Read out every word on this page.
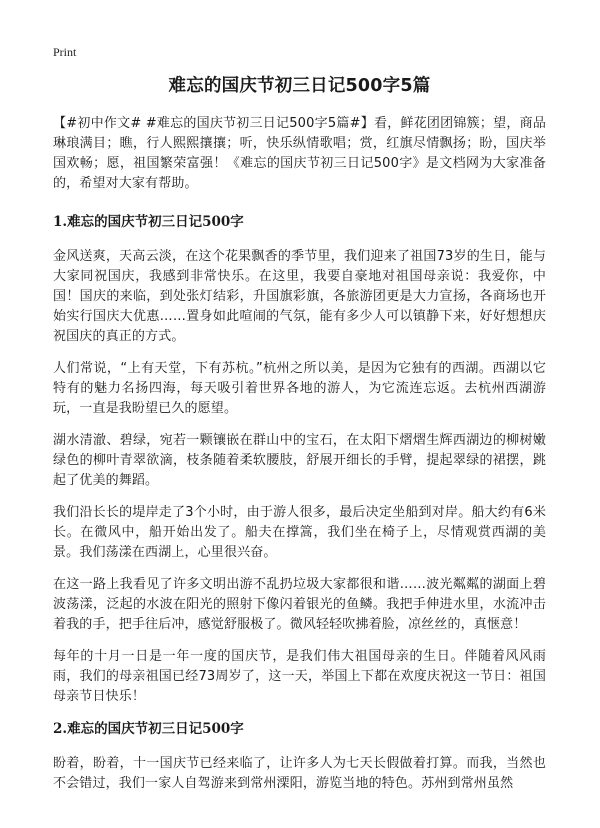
Print
难忘的国庆节初三日记500字5篇

【#初中作文# #难忘的国庆节初三日记500字5篇#】看，鲜花团团锦簇；望，商品琳琅满目；瞧，行人熙熙攘攘；听，快乐纵情歌唱；赏，红旗尽情飘扬；盼，国庆举国欢畅；愿，祖国繁荣富强！《难忘的国庆节初三日记500字》是文档网为大家准备的，希望对大家有帮助。

1.难忘的国庆节初三日记500字

金风送爽，天高云淡，在这个花果飘香的季节里，我们迎来了祖国73岁的生日，能与大家同祝国庆，我感到非常快乐。在这里，我要自豪地对祖国母亲说：我爱你，中国！国庆的来临，到处张灯结彩，升国旗彩旗，各旅游团更是大力宣扬，各商场也开始实行国庆大优惠……置身如此喧闹的气氛，能有多少人可以镇静下来，好好想想庆祝国庆的真正的方式。

人们常说，“上有天堂，下有苏杭。”杭州之所以美，是因为它独有的西湖。西湖以它特有的魅力名扬四海，每天吸引着世界各地的游人，为它流连忘返。去杭州西湖游玩，一直是我盼望已久的愿望。

湖水清澈、碧绿，宛若一颗镶嵌在群山中的宝石，在太阳下熠熠生辉西湖边的柳树嫩绿色的柳叶青翠欲滴，枝条随着柔软腰肢，舒展开细长的手臂，提起翠绿的裙摆，跳起了优美的舞蹈。

我们沿长长的堤岸走了3个小时，由于游人很多，最后决定坐船到对岸。船大约有6米长。在微风中，船开始出发了。船夫在撑篙，我们坐在椅子上，尽情观赏西湖的美景。我们荡漾在西湖上，心里很兴奋。

在这一路上我看见了许多文明出游不乱扔垃圾大家都很和谐……波光粼粼的湖面上碧波荡漾，泛起的水波在阳光的照射下像闪着银光的鱼鳞。我把手伸进水里，水流冲击着我的手，把手往后冲，感觉舒服极了。微风轻轻吹拂着脸，凉丝丝的，真惬意！

每年的十月一日是一年一度的国庆节，是我们伟大祖国母亲的生日。伴随着风风雨雨，我们的母亲祖国已经73周岁了，这一天，举国上下都在欢度庆祝这一节日：祖国母亲节日快乐！

2.难忘的国庆节初三日记500字

盼着，盼着，十一国庆节已经来临了，让许多人为七天长假做着打算。而我，当然也不会错过，我们一家人自驾游来到常州溧阳，游览当地的特色。苏州到常州虽然
